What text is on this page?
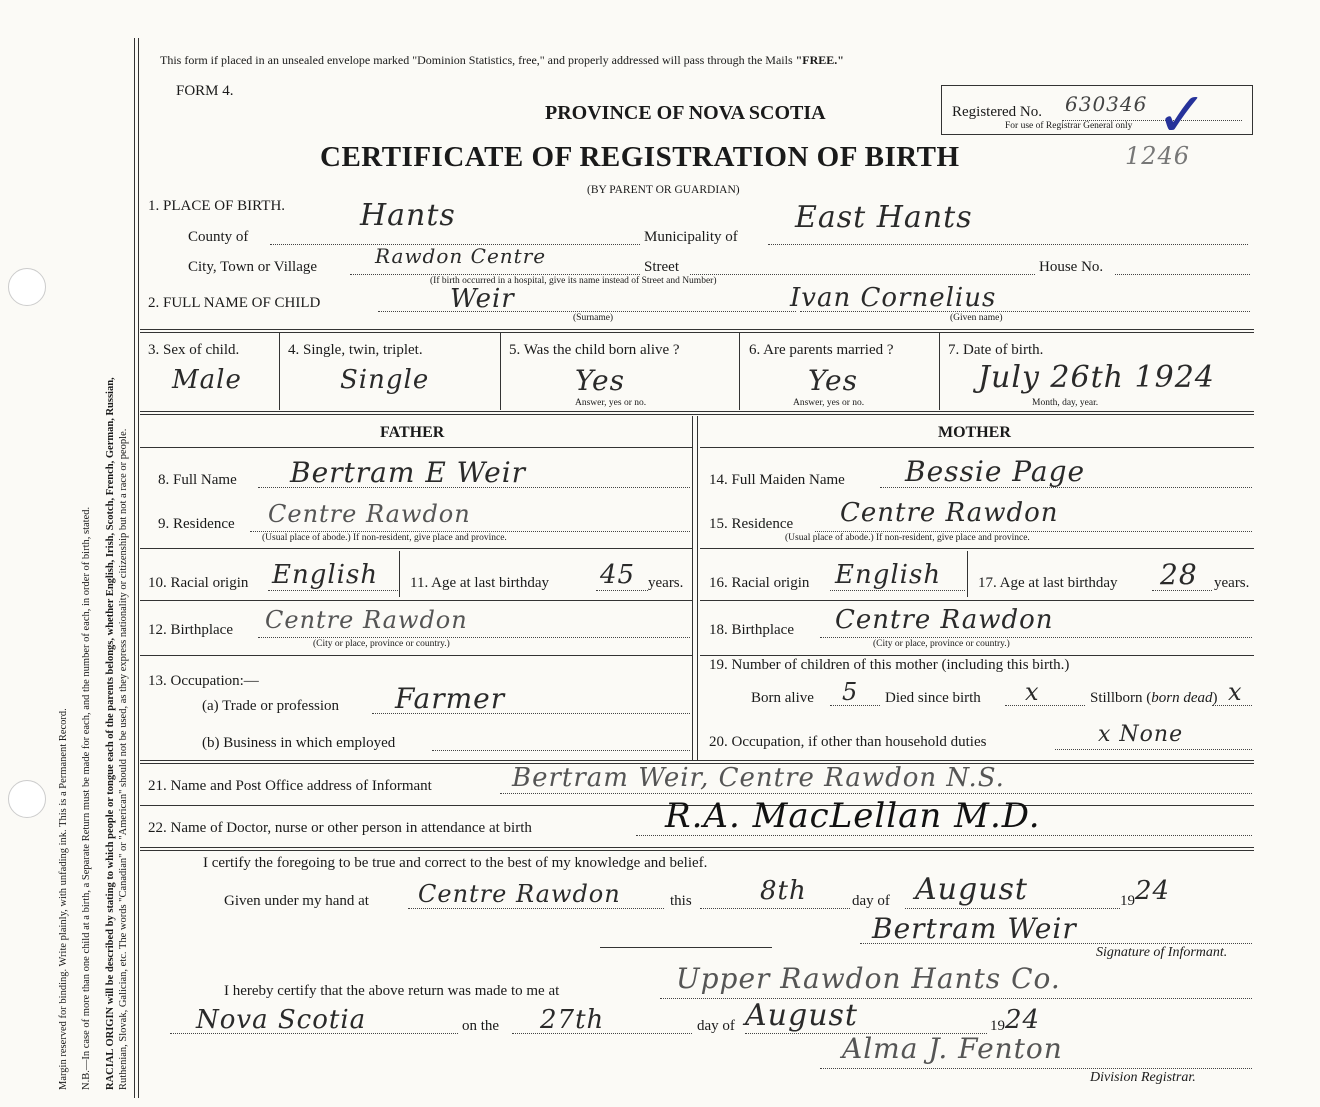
Margin reserved for binding. Write plainly, with unfading ink. This is a Permanent Record. N.B.—In case of more than one child at a birth, a Separate Return must be made for each, and the number of each, in order of birth, stated. RACIAL ORIGIN will be described by stating to which people or tongue each of the parents belongs, whether English, Irish, Scotch, French, German, Russian, Ruthenian, Slovak, Galician, etc. The words "Canadian" or "American" should not be used, as they express nationality or citizenship but not a race or people.
This form if placed in an unsealed envelope marked "Dominion Statistics, free," and properly addressed will pass through the Mails "FREE."
FORM 4.
PROVINCE OF NOVA SCOTIA
CERTIFICATE OF REGISTRATION OF BIRTH
(BY PARENT OR GUARDIAN)
Registered No. 630346
For use of Registrar General only ✓
1246
1. PLACE OF BIRTH.
County of
Hants
Municipality of
East Hants
City, Town or Village	Rawdon Centre	Street	House No.
(If birth occurred in a hospital, give its name instead of Street and Number)
2. FULL NAME OF CHILD	Weir	Ivan Cornelius
(Surname)	(Given name)
3. Sex of child.
Male
4. Single, twin, triplet.
Single
5. Was the child born alive ?
Yes
Answer, yes or no.
6. Are parents married ?
Yes
Answer, yes or no.
7. Date of birth.
July 26th 1924
Month, day, year.
FATHER	MOTHER
8. Full Name Bertram E Weir
9. Residence Centre Rawdon
(Usual place of abode.) If non-resident, give place and province.
10. Racial origin English 11. Age at last birthday 45 years.
12. Birthplace Centre Rawdon
(City or place, province or country.)
13. Occupation:—
(a) Trade or profession Farmer
(b) Business in which employed
14. Full Maiden Name Bessie Page
15. Residence Centre Rawdon
(Usual place of abode.) If non-resident, give place and province.
16. Racial origin English 17. Age at last birthday 28 years.
18. Birthplace Centre Rawdon
(City or place, province or country.)
19. Number of children of this mother (including this birth.)
Born alive 5 Died since birth x	Stillborn (born dead) x
20. Occupation, if other than household duties	x None
21. Name and Post Office address of Informant	Bertram Weir, Centre Rawdon N.S.
22. Name of Doctor, nurse or other person in attendance at birth	R.A. MacLellan M.D.
I certify the foregoing to be true and correct to the best of my knowledge and belief.
Given under my hand at Centre Rawdon	this	8th	day of August	19 24
Bertram Weir
Signature of Informant.
I hereby certify that the above return was made to me at	Upper Rawdon Hants Co.
Nova Scotia	on the 27th	day of August	19 24
Alma J. Fenton
Division Registrar.
